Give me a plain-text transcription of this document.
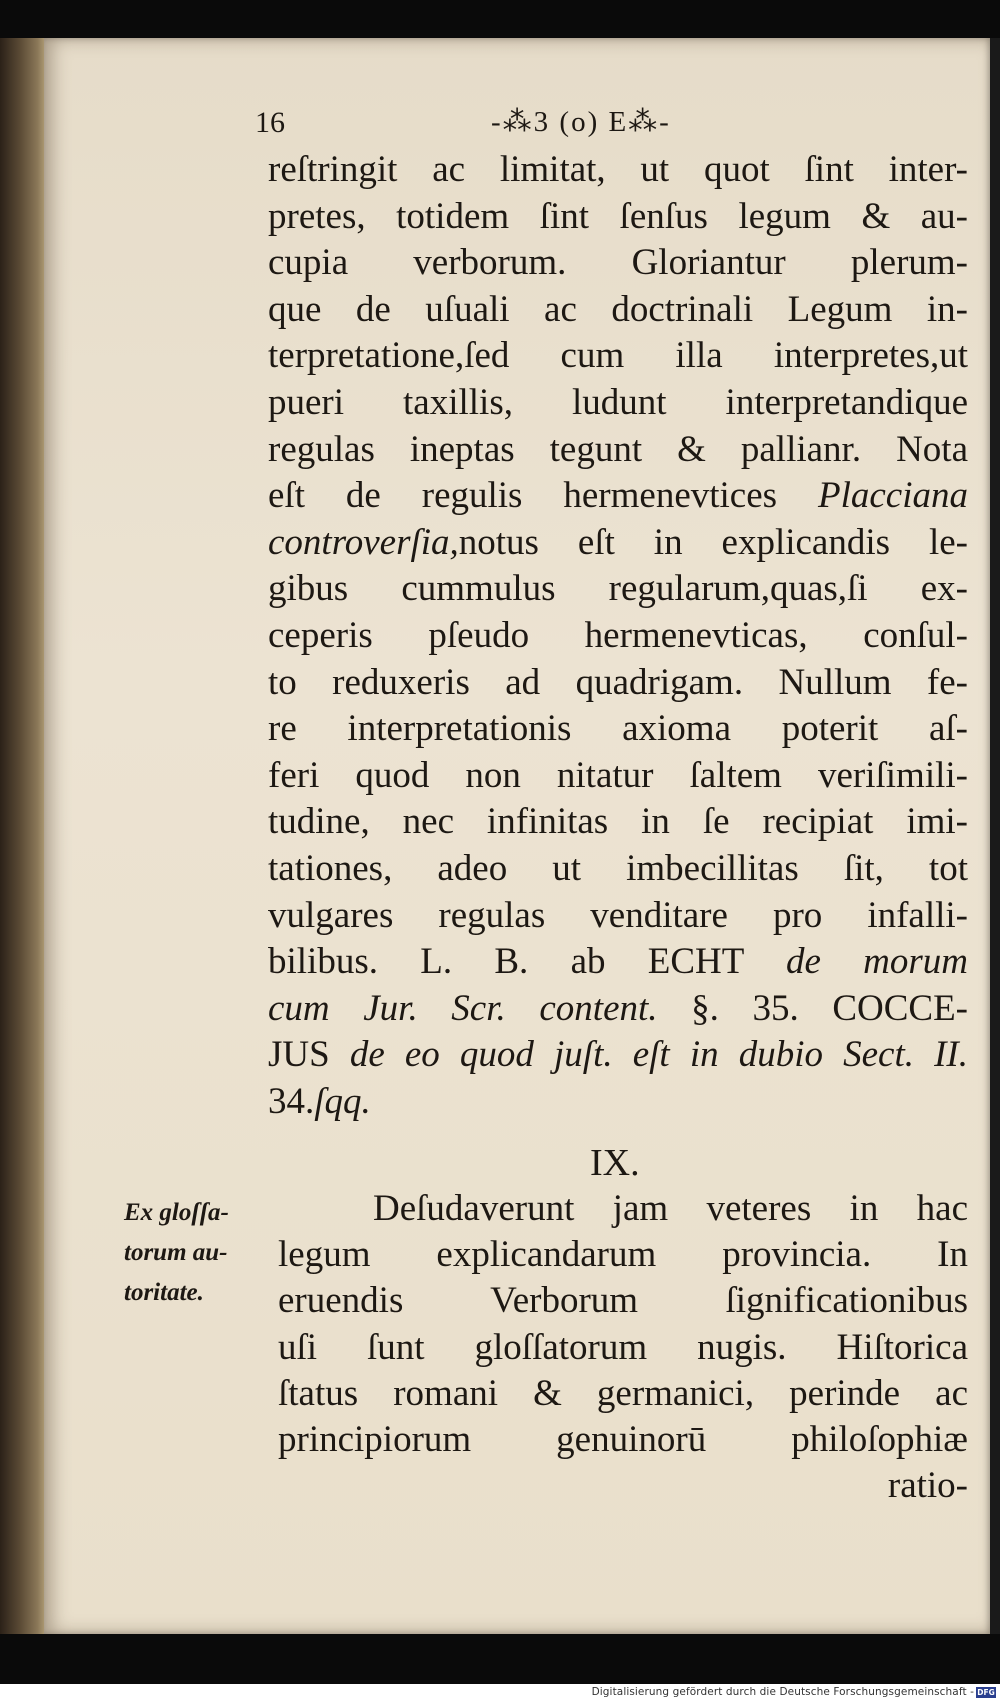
16	-⁂3 (o) E⁂-
reſtringit ac limitat, ut quot ſint inter-
pretes, totidem ſint ſenſus legum & au-
cupia verborum. Gloriantur plerum-
que de uſuali ac doctrinali Legum in-
terpretatione,ſed cum illa interpretes,ut
pueri taxillis, ludunt interpretandique
regulas ineptas tegunt & pallianr. Nota
eſt de regulis hermenevtices Placciana
controverſia,notus eſt in explicandis le-
gibus cummulus regularum,quas,ſi ex-
ceperis pſeudo hermenevticas, conſul-
to reduxeris ad quadrigam. Nullum fe-
re interpretationis axioma poterit aſ-
feri quod non nitatur ſaltem veriſimili-
tudine, nec infinitas in ſe recipiat imi-
tationes, adeo ut imbecillitas ſit, tot
vulgares regulas venditare pro infalli-
bilibus. L. B. ab ECHT de morum
cum Jur. Scr. content. §. 35. COCCE-
JUS de eo quod juſt. eſt in dubio Sect. II.
34.ſqq.
IX.
Ex gloſſa-
torum au-
toritate.
Deſudaverunt jam veteres in hac
legum explicandarum provincia. In
eruendis Verborum ſignificationibus
uſi ſunt gloſſatorum nugis. Hiſtorica
ſtatus romani & germanici, perinde ac
principiorum genuinorū philoſophiæ
ratio-
Digitalisierung gefördert durch die Deutsche Forschungsgemeinschaft - DFG
